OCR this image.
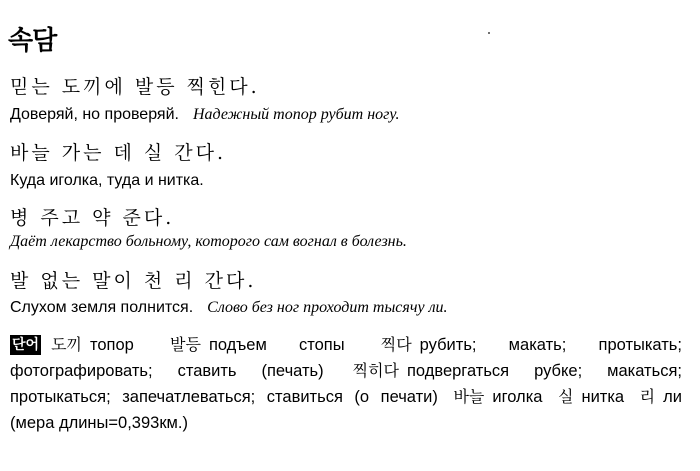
속담
믿는 도끼에 발등 찍힌다.
Доверяй, но проверяй. Надежный топор рубит ногу.
바늘 가는 데 실 간다.
Куда иголка, туда и нитка.
병 주고 약 준다.
Даёт лекарство больному, которого сам вогнал в болезнь.
발 없는 말이 천 리 간다.
Слухом земля полнится. Слово без ног проходит тысячу ли.
단어 도끼 топор 발등 подъем стопы 찍다 рубить; макать; протыкать; фотографировать; ставить (печать) 찍히다 подвергаться рубке; макаться; протыкаться; запечатлеваться; ставиться (о печати) 바늘 иголка 실 нитка 리 ли (мера длины=0,393км.)
